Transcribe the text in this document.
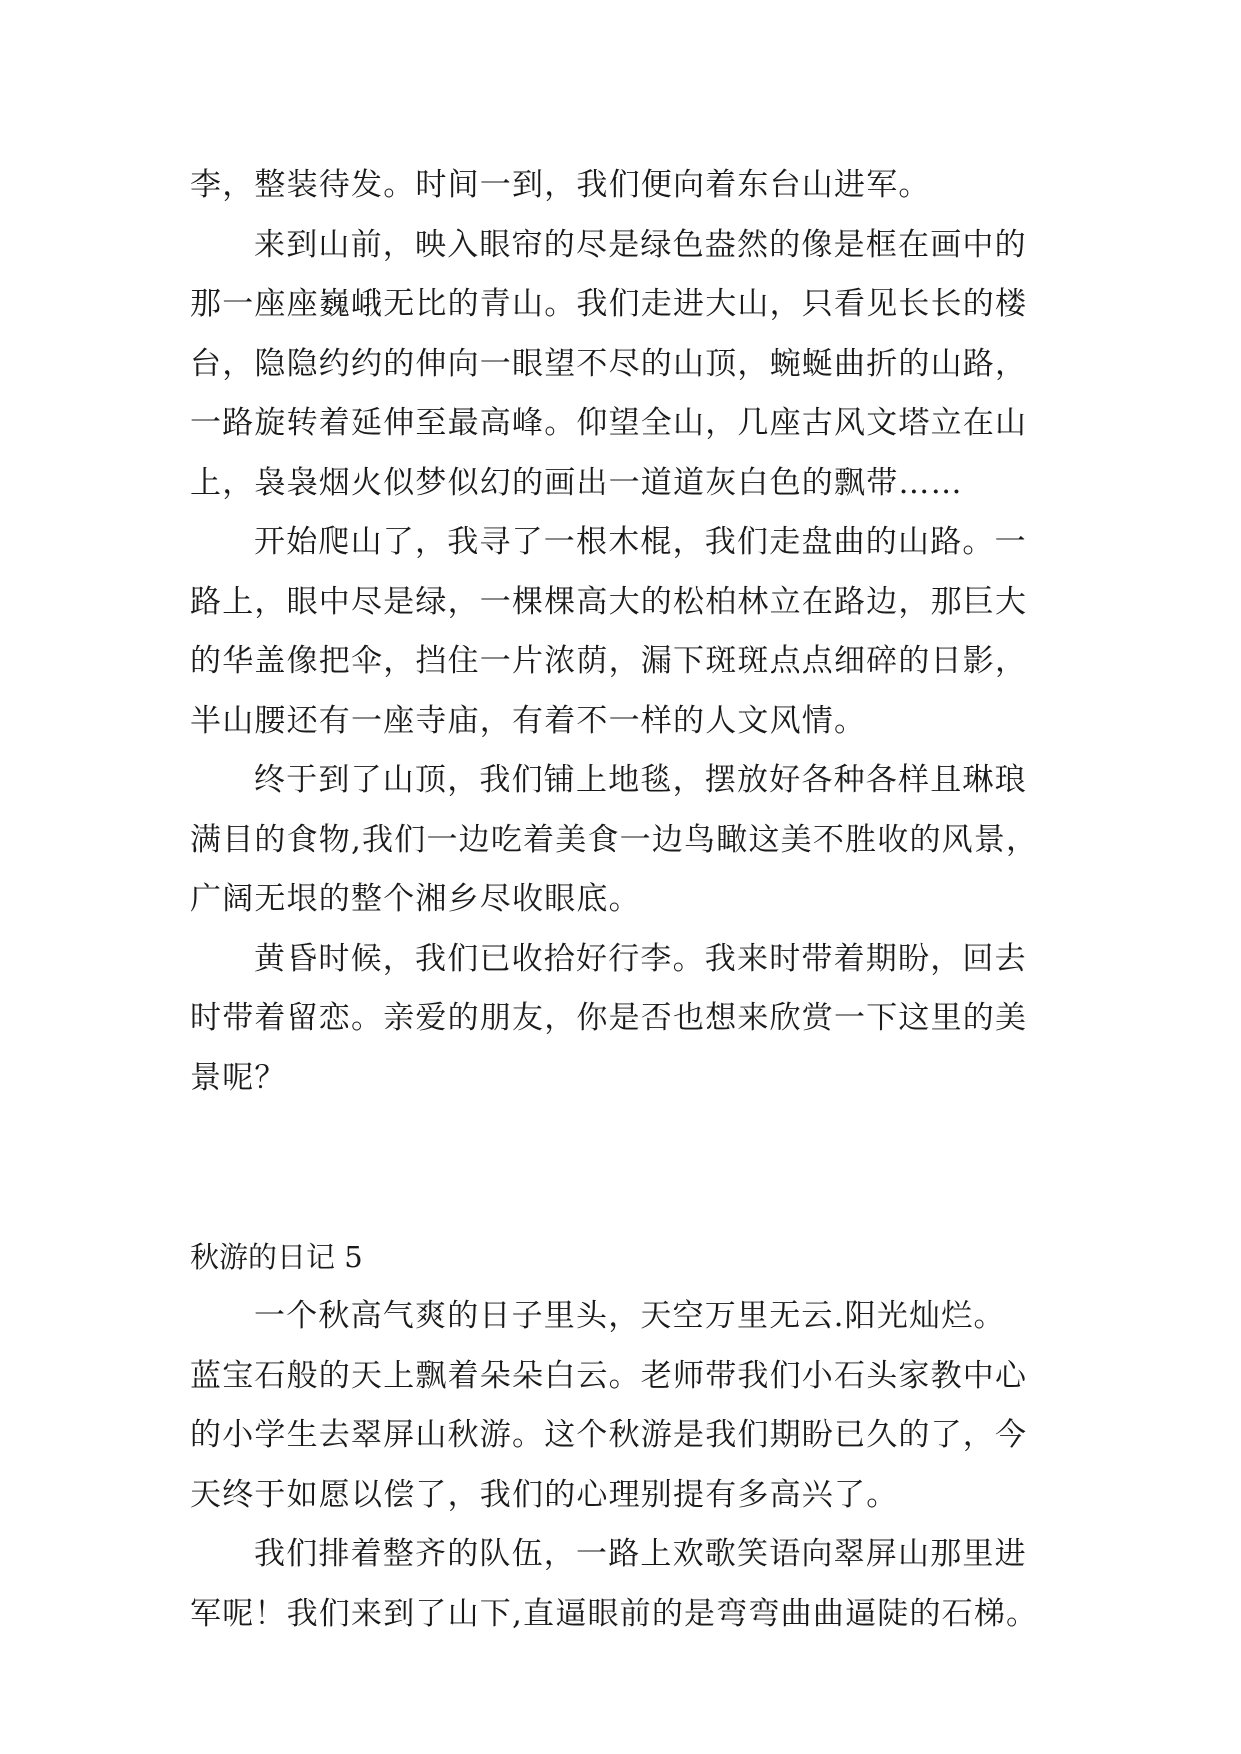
李，整装待发。时间一到，我们便向着东台山进军。
来到山前，映入眼帘的尽是绿色盎然的像是框在画中的
那一座座巍峨无比的青山。我们走进大山，只看见长长的楼
台，隐隐约约的伸向一眼望不尽的山顶，蜿蜒曲折的山路，
一路旋转着延伸至最高峰。仰望全山，几座古风文塔立在山
上，袅袅烟火似梦似幻的画出一道道灰白色的飘带……
开始爬山了，我寻了一根木棍，我们走盘曲的山路。一
路上，眼中尽是绿，一棵棵高大的松柏林立在路边，那巨大
的华盖像把伞，挡住一片浓荫，漏下斑斑点点细碎的日影，
半山腰还有一座寺庙，有着不一样的人文风情。
终于到了山顶，我们铺上地毯，摆放好各种各样且琳琅
满目的食物,我们一边吃着美食一边鸟瞰这美不胜收的风景，
广阔无垠的整个湘乡尽收眼底。
黄昏时候，我们已收拾好行李。我来时带着期盼，回去
时带着留恋。亲爱的朋友，你是否也想来欣赏一下这里的美
景呢？
秋游的日记 5
一个秋高气爽的日子里头，天空万里无云.阳光灿烂。
蓝宝石般的天上飘着朵朵白云。老师带我们小石头家教中心
的小学生去翠屏山秋游。这个秋游是我们期盼已久的了，今
天终于如愿以偿了，我们的心理别提有多高兴了。
我们排着整齐的队伍，一路上欢歌笑语向翠屏山那里进
军呢！我们来到了山下,直逼眼前的是弯弯曲曲逼陡的石梯。
